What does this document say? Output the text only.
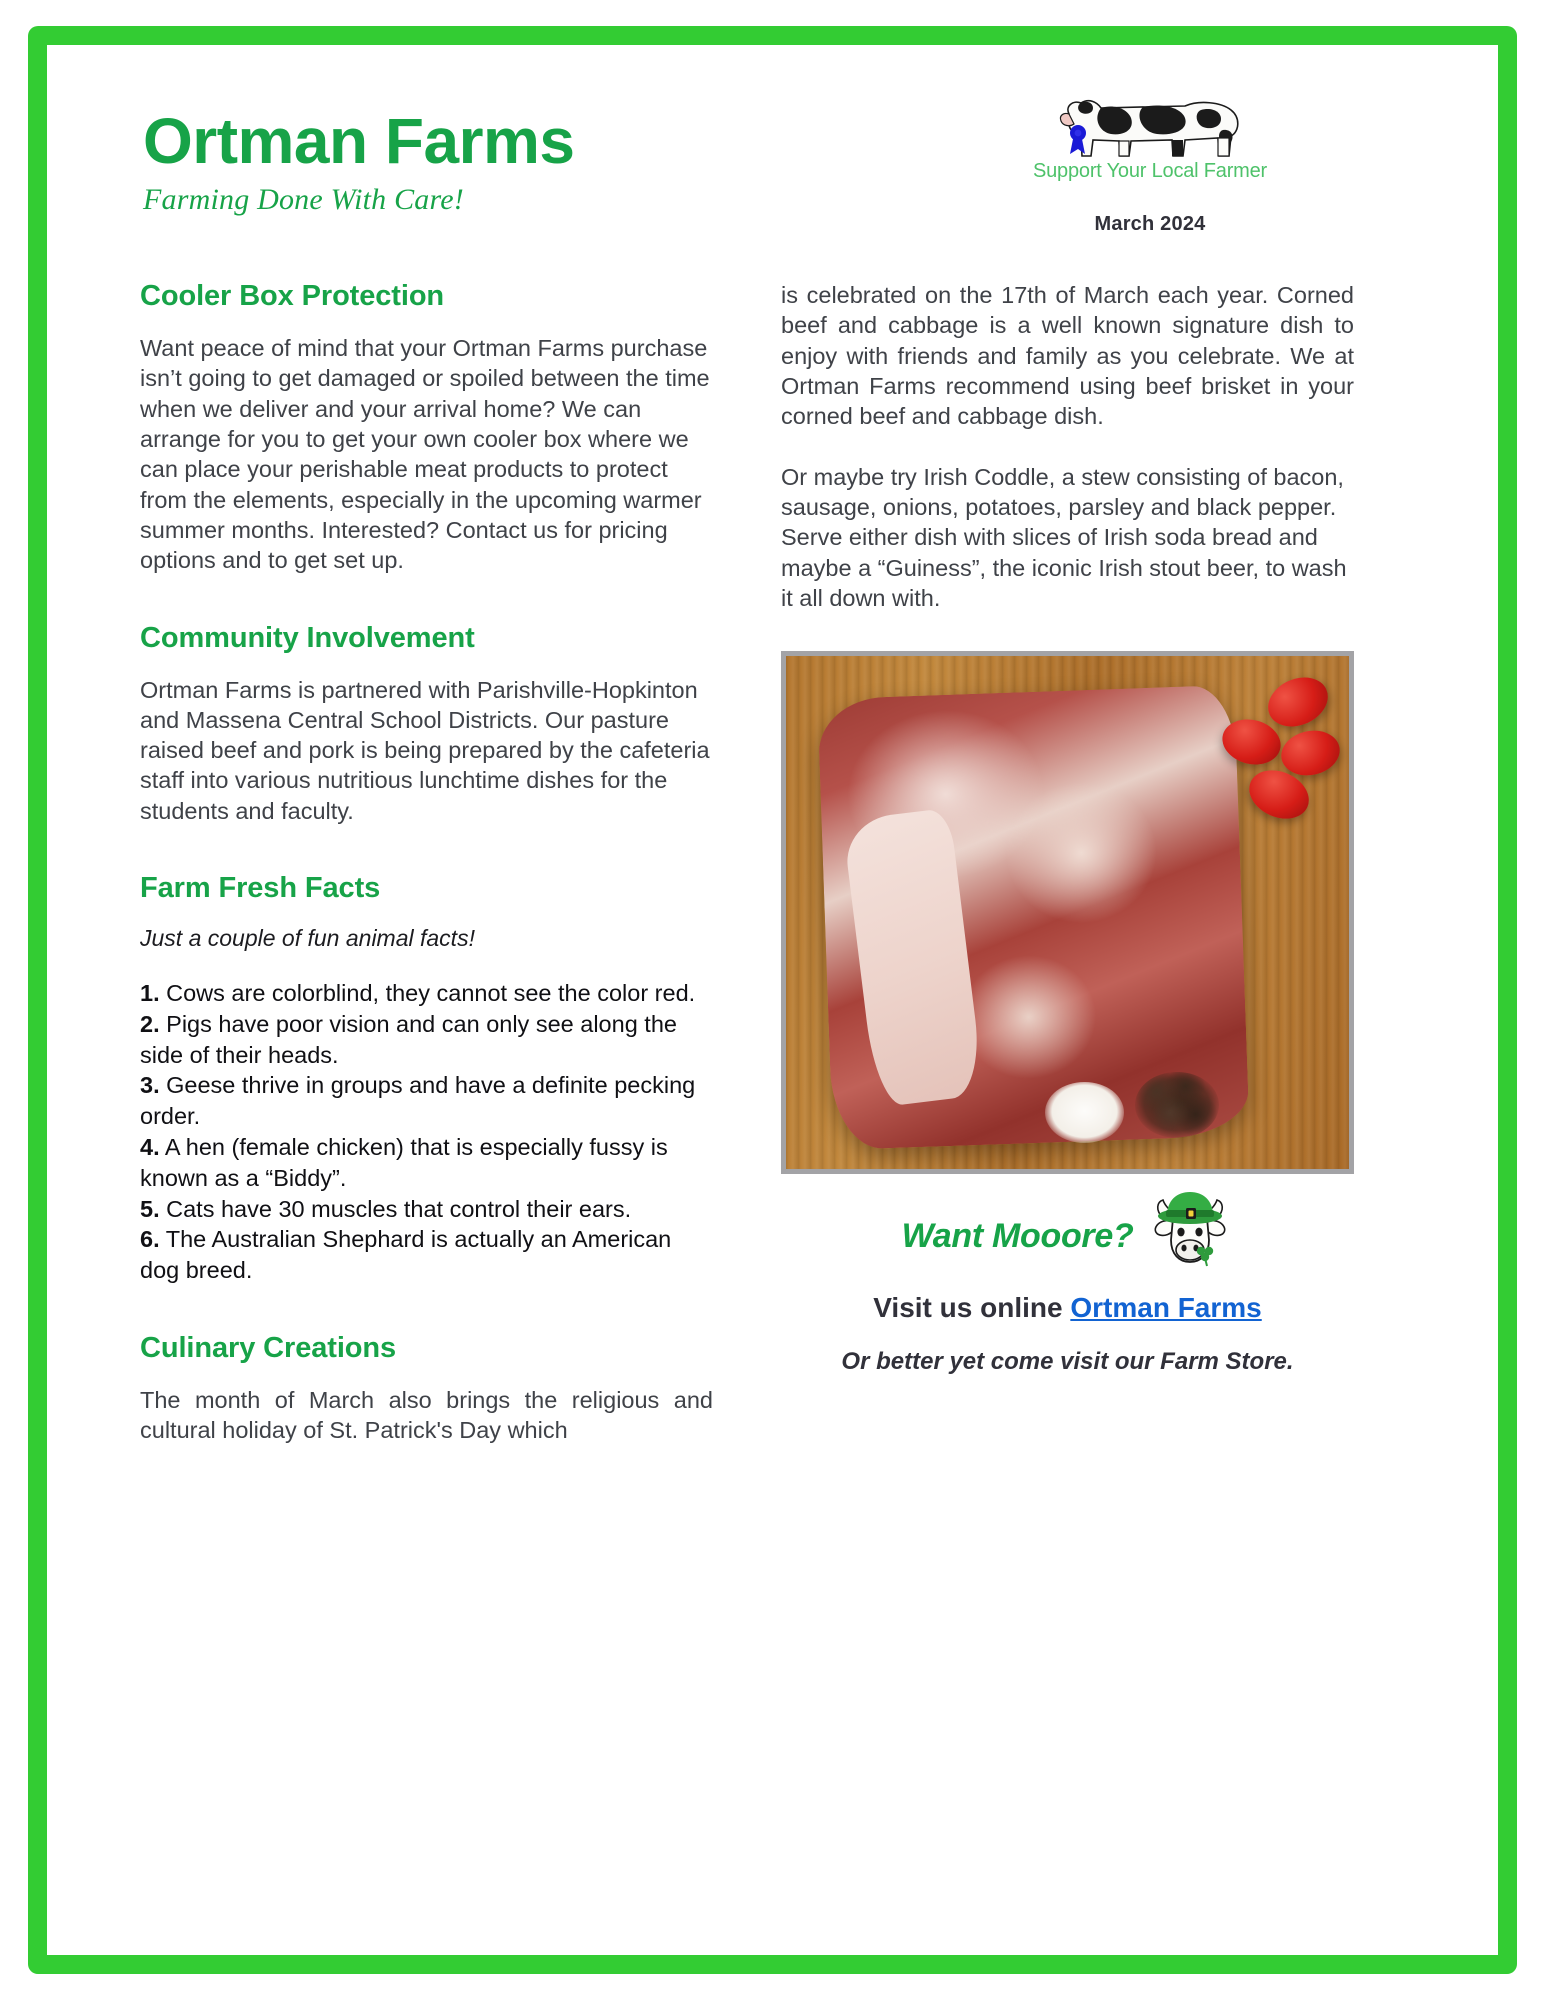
Ortman Farms
Farming Done With Care!
Support Your Local Farmer
March 2024
Cooler Box Protection

Want peace of mind that your Ortman Farms purchase isn’t going to get damaged or spoiled between the time when we deliver and your arrival home? We can arrange for you to get your own cooler box where we can place your perishable meat products to protect from the elements, especially in the upcoming warmer summer months. Interested? Contact us for pricing options and to get set up.

Community Involvement

Ortman Farms is partnered with Parishville-Hopkinton and Massena Central School Districts. Our pasture raised beef and pork is being prepared by the cafeteria staff into various nutritious lunchtime dishes for the students and faculty.

Farm Fresh Facts

Just a couple of fun animal facts!

1. Cows are colorblind, they cannot see the color red.
2. Pigs have poor vision and can only see along the side of their heads.
3. Geese thrive in groups and have a definite pecking order.
4. A hen (female chicken) that is especially fussy is known as a “Biddy”.
5. Cats have 30 muscles that control their ears.
6. The Australian Shephard is actually an American dog breed.
Culinary Creations

The month of March also brings the religious and cultural holiday of St. Patrick's Day which

is celebrated on the 17th of March each year. Corned beef and cabbage is a well known signature dish to enjoy with friends and family as you celebrate. We at Ortman Farms recommend using beef brisket in your corned beef and cabbage dish.

Or maybe try Irish Coddle, a stew consisting of bacon, sausage, onions, potatoes, parsley and black pepper. Serve either dish with slices of Irish soda bread and maybe a “Guiness”, the iconic Irish stout beer, to wash it all down with.

Want Mooore?
Visit us online Ortman Farms
Or better yet come visit our Farm Store.
